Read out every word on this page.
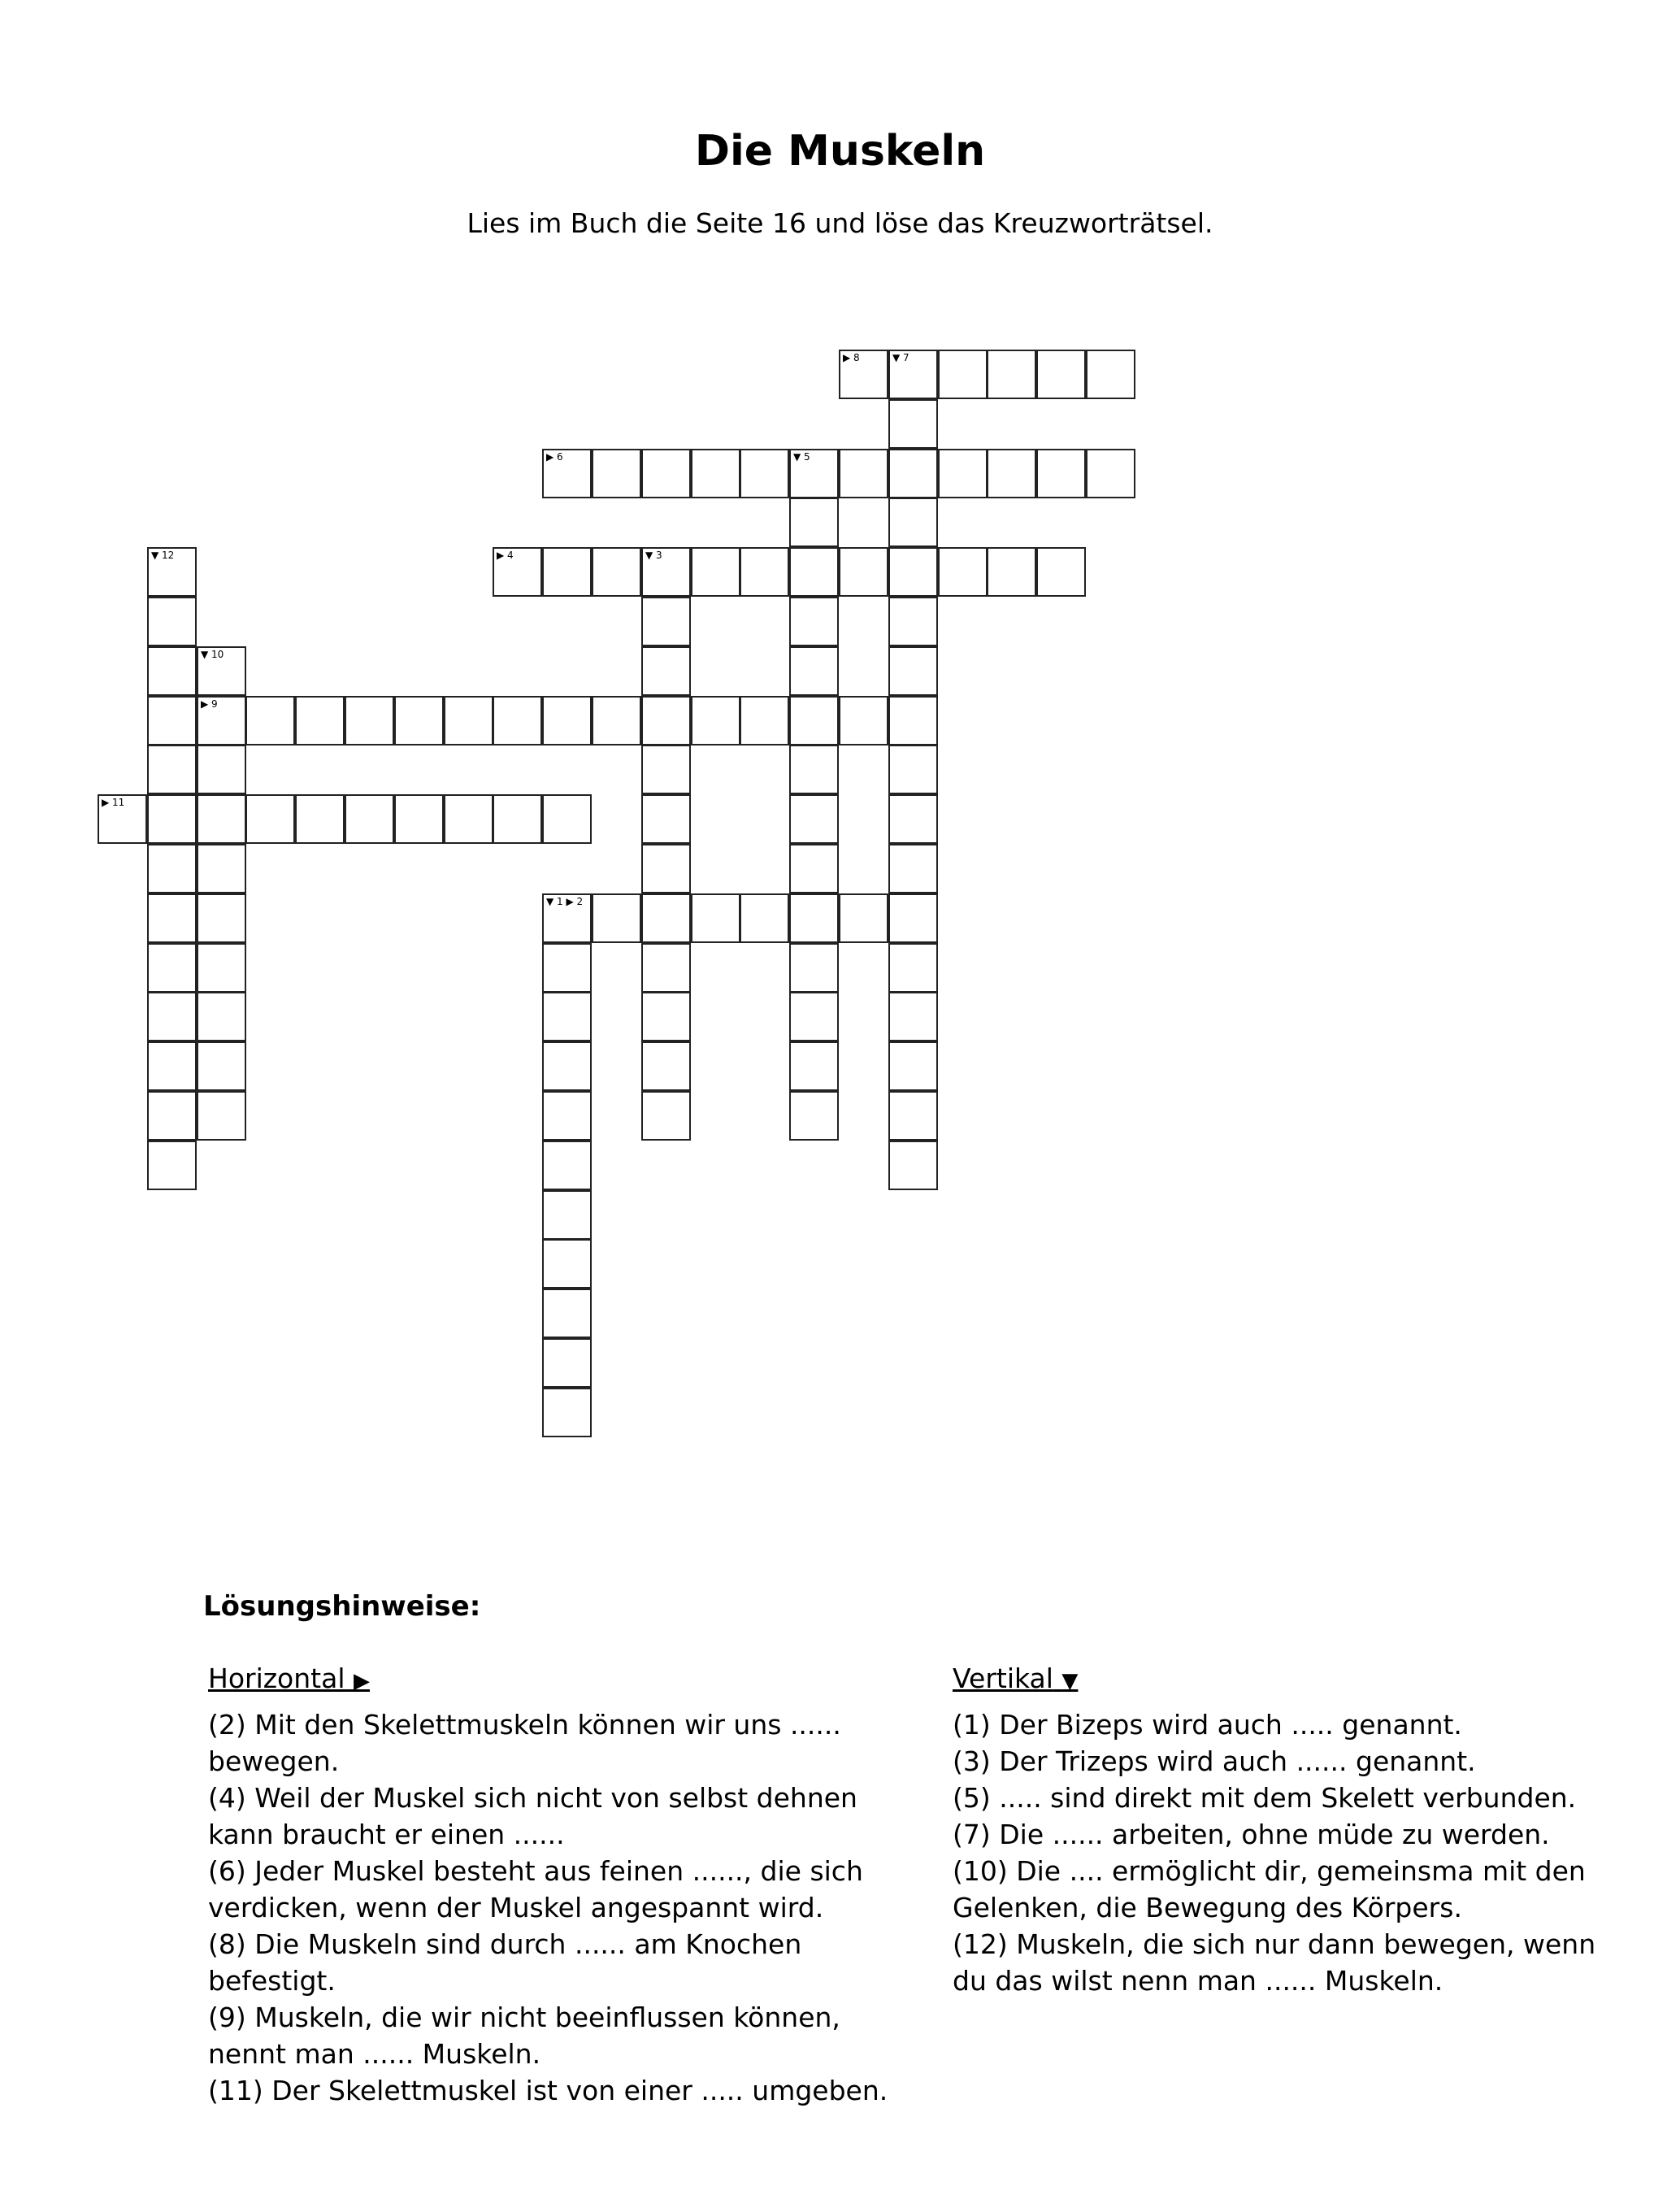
Die Muskeln
Lies im Buch die Seite 16 und löse das Kreuzworträtsel.
▶ 8	▼ 7
▶ 6	▼ 5
▶ 4	▼ 3
▶ 9
▶ 11
▼ 1 ▶ 2
▼ 12
▼ 10
Lösungshinweise:
Horizontal ▶

(2) Mit den Skelettmuskeln können wir uns ...... bewegen.

(4) Weil der Muskel sich nicht von selbst dehnen kann braucht er einen ......

(6) Jeder Muskel besteht aus feinen ......, die sich verdicken, wenn der Muskel angespannt wird.

(8) Die Muskeln sind durch ...... am Knochen befestigt.

(9) Muskeln, die wir nicht beeinflussen können, nennt man ...... Muskeln.

(11) Der Skelettmuskel ist von einer ..... umgeben.

Vertikal ▼

(1) Der Bizeps wird auch ..... genannt.

(3) Der Trizeps wird auch ...... genannt.

(5) ..... sind direkt mit dem Skelett verbunden.

(7) Die ...... arbeiten, ohne müde zu werden.

(10) Die .... ermöglicht dir, gemeinsma mit den Gelenken, die Bewegung des Körpers.

(12) Muskeln, die sich nur dann bewegen, wenn du das wilst nenn man ...... Muskeln.
